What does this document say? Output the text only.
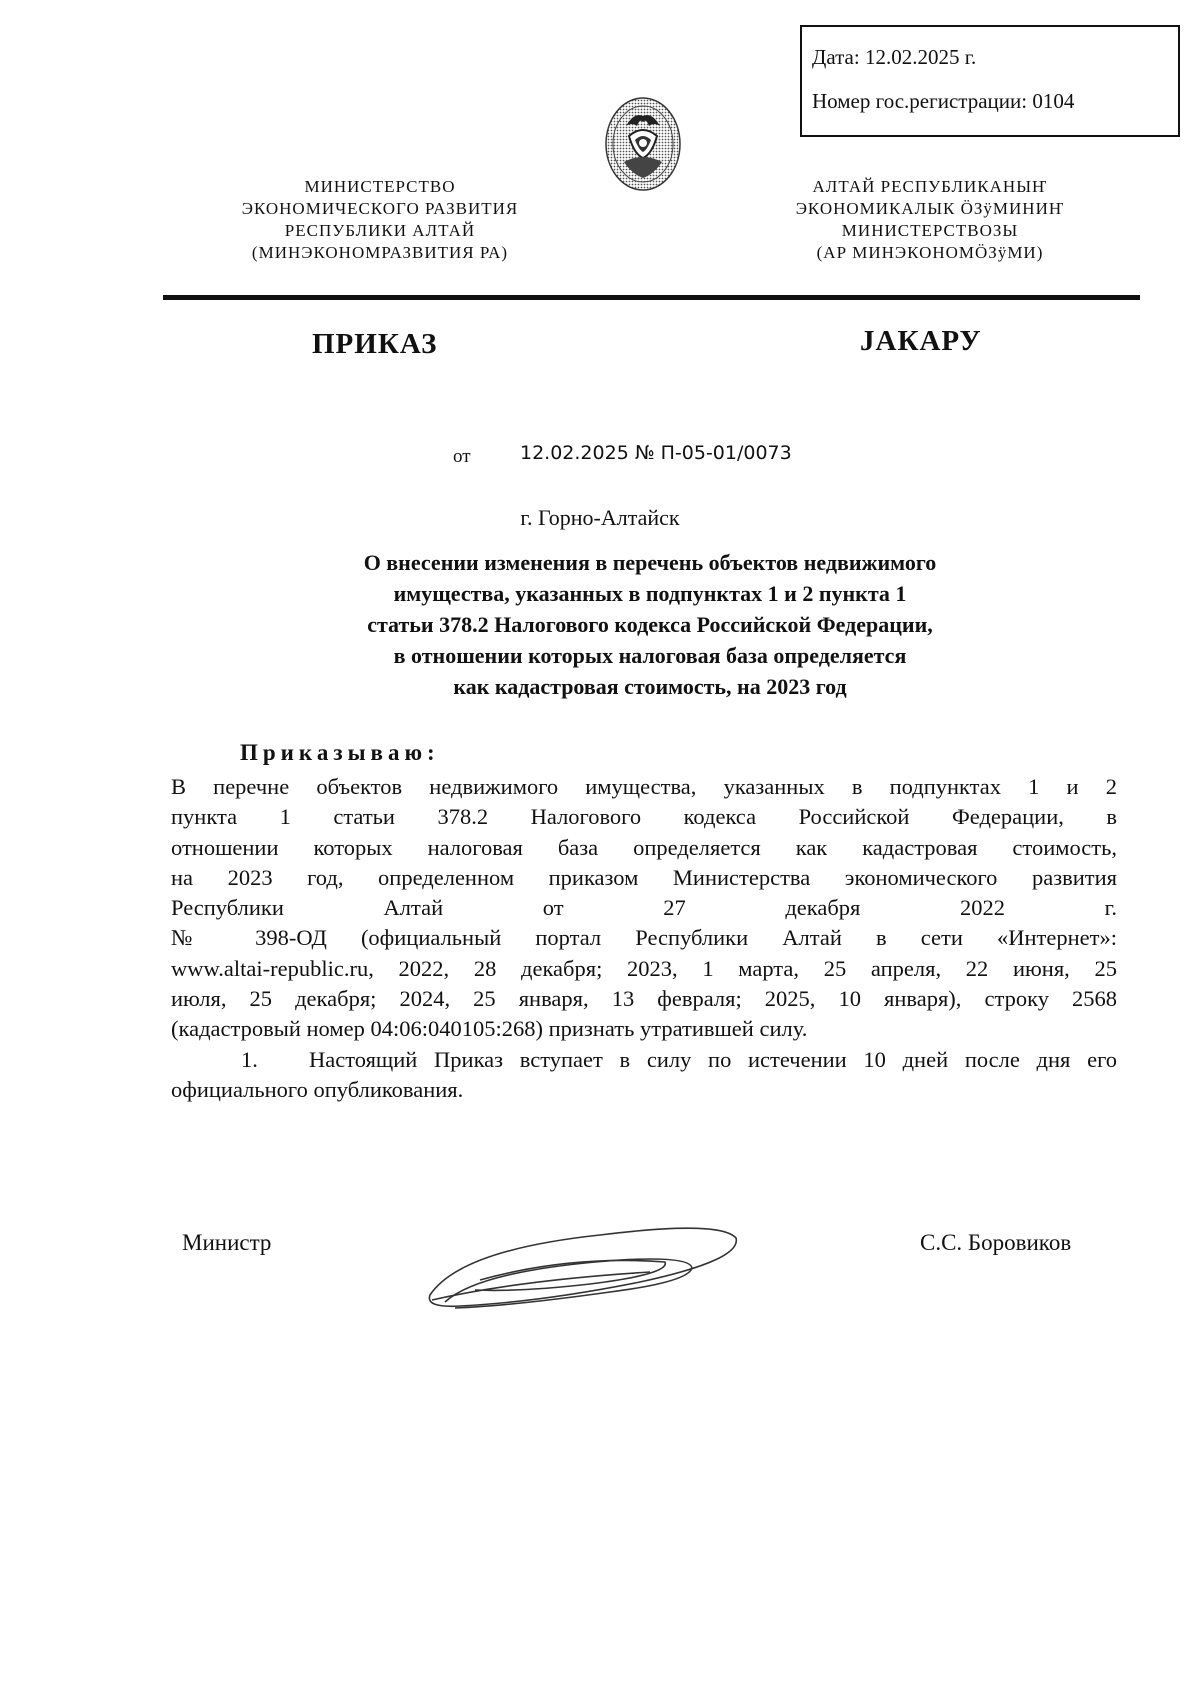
Дата: 12.02.2025 г.
Номер гос.регистрации: 0104
МИНИСТЕРСТВО
ЭКОНОМИЧЕСКОГО РАЗВИТИЯ
РЕСПУБЛИКИ АЛТАЙ
(МИНЭКОНОМРАЗВИТИЯ РА)
АЛТАЙ РЕСПУБЛИКАНЫҤ
ЭКОНОМИКАЛЫК ÖЗÿМИНИҤ
МИНИСТЕРСТВОЗЫ
(АР МИНЭКОНОМÖЗÿМИ)
ПРИКАЗ	ЈАКАРУ
от	12.02.2025 № П-05-01/0073
г. Горно-Алтайск
О внесении изменения в перечень объектов недвижимого
имущества, указанных в подпунктах 1 и 2 пункта 1
статьи 378.2 Налогового кодекса Российской Федерации,
в отношении которых налоговая база определяется
как кадастровая стоимость, на 2023 год
Приказываю:

В перечне объектов недвижимого имущества, указанных в подпунктах 1 и 2
пункта 1 статьи 378.2 Налогового кодекса Российской Федерации, в
отношении которых налоговая база определяется как кадастровая стоимость,
на 2023 год, определенном приказом Министерства экономического развития
Республики Алтай от 27 декабря 2022 г.
№ 398-ОД (официальный портал Республики Алтай в сети «Интернет»:
www.altai-republic.ru, 2022, 28 декабря; 2023, 1 марта, 25 апреля, 22 июня, 25
июля, 25 декабря; 2024, 25 января, 13 февраля; 2025, 10 января), строку 2568
(кадастровый номер 04:06:040105:268) признать утратившей силу.

1. Настоящий Приказ вступает в силу по истечении 10 дней после дня его официального опубликования.

Министр	С.С. Боровиков
